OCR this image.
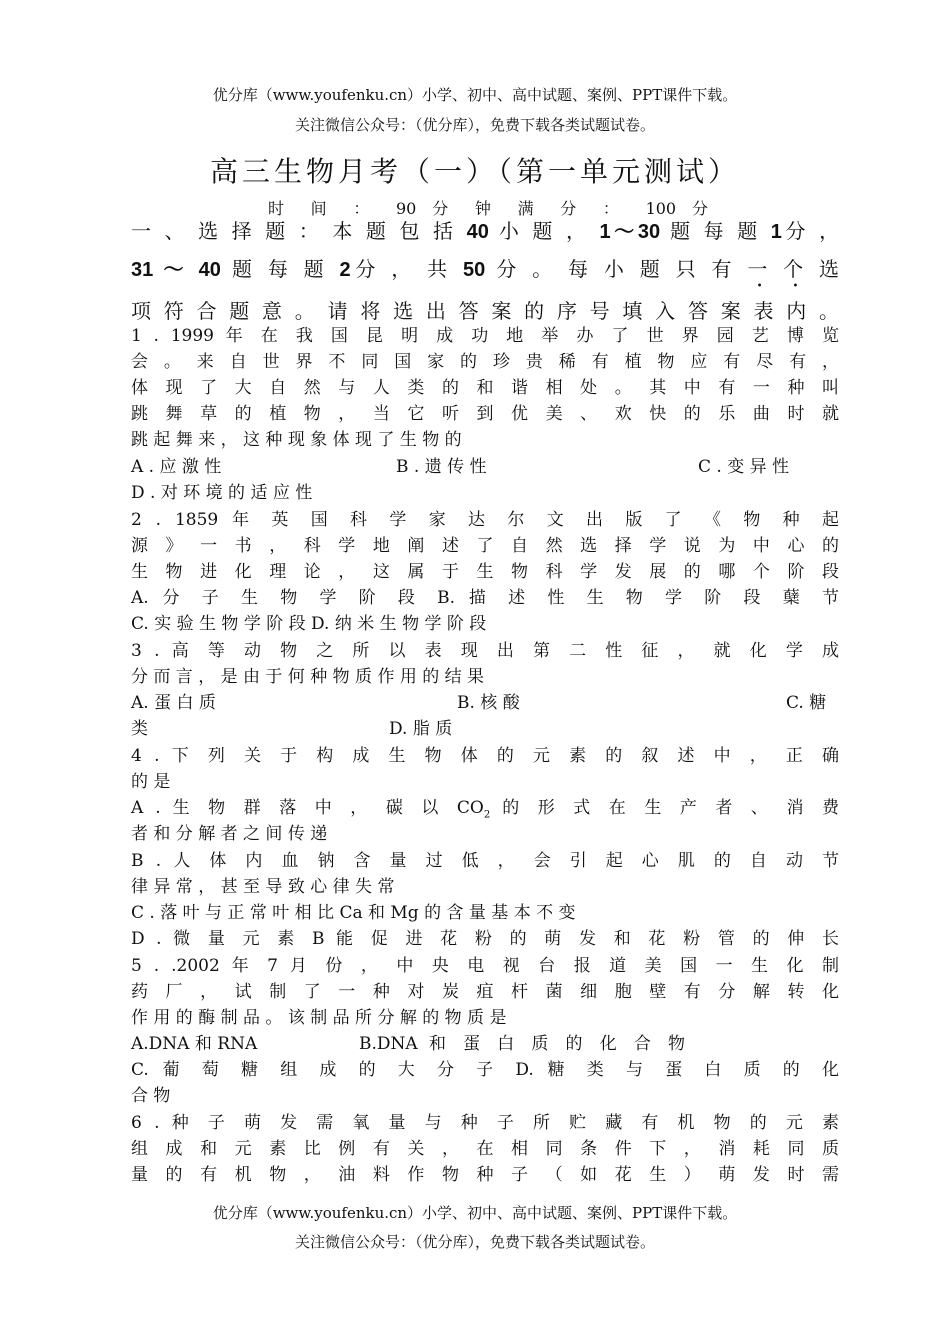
优分库（www.youfenku.cn）小学、初中、高中试题、案例、PPT课件下载。
关注微信公众号：（优分库），免费下载各类试题试卷。
高三生物月考（一）（第一单元测试）
时 间 ： 90 分 钟 满 分 ： 100 分
一 、 选 择 题 ： 本 题 包 括 40 小 题 ， 1～30 题 每 题 1分 ，
31 ～ 40 题 每 题 2分 ， 共 50 分 。 每 小 题 只 有 一 个 选
项 符 合 题 意 。 请 将 选 出 答 案 的 序 号 填 入 答 案 表 内 。
1 . 1999 年 在 我 国 昆 明 成 功 地 举 办 了 世 界 园 艺 博 览
会 。 来 自 世 界 不 同 国 家 的 珍 贵 稀 有 植 物 应 有 尽 有 ，
体 现 了 大 自 然 与 人 类 的 和 谐 相 处 。 其 中 有 一 种 叫
跳 舞 草 的 植 物 ， 当 它 听 到 优 美 、 欢 快 的 乐 曲 时 就
跳 起 舞 来 ， 这 种 现 象 体 现 了 生 物 的
A . 应 激 性	B . 遗 传 性	C . 变 异 性
D . 对 环 境 的 适 应 性
2 . 1859 年 英 国 科 学 家 达 尔 文 出 版 了 《 物 种 起
源 》 一 书 ， 科 学 地 阐 述 了 自 然 选 择 学 说 为 中 心 的
生 物 进 化 理 论 ， 这 属 于 生 物 科 学 发 展 的 哪 个 阶 段
A. 分 子 生 物 学 阶 段 B. 描 述 性 生 物 学 阶 段 蘖 节
C. 实 验 生 物 学 阶 段 D. 纳 米 生 物 学 阶 段
3 . 高 等 动 物 之 所 以 表 现 出 第 二 性 征 ， 就 化 学 成
分 而 言 ， 是 由 于 何 种 物 质 作 用 的 结 果
A. 蛋 白 质	B. 核 酸	C. 糖
类	D. 脂 质
4 . 下 列 关 于 构 成 生 物 体 的 元 素 的 叙 述 中 ， 正 确
的 是
A . 生 物 群 落 中 ， 碳 以 $CO_2$ 的 形 式 在 生 产 者 、 消 费
者 和 分 解 者 之 间 传 递
B . 人 体 内 血 钠 含 量 过 低 ， 会 引 起 心 肌 的 自 动 节
律 异 常 ， 甚 至 导 致 心 律 失 常
C . 落 叶 与 正 常 叶 相 比 Ca 和 Mg 的 含 量 基 本 不 变
D . 微 量 元 素 B 能 促 进 花 粉 的 萌 发 和 花 粉 管 的 伸 长
5 . .2002 年 7 月 份 ， 中 央 电 视 台 报 道 美 国 一 生 化 制
药 厂 ， 试 制 了 一 种 对 炭 疽 杆 菌 细 胞 壁 有 分 解 转 化
作 用 的 酶 制 品 。 该 制 品 所 分 解 的 物 质 是
A.DNA 和 RNA	B.DNA 和 蛋 白 质 的 化 合 物
C. 葡 萄 糖 组 成 的 大 分 子 D. 糖 类 与 蛋 白 质 的 化
合 物
6 . 种 子 萌 发 需 氧 量 与 种 子 所 贮 藏 有 机 物 的 元 素
组 成 和 元 素 比 例 有 关 ， 在 相 同 条 件 下 ， 消 耗 同 质
量 的 有 机 物 ， 油 料 作 物 种 子 （ 如 花 生 ） 萌 发 时 需
优分库（www.youfenku.cn）小学、初中、高中试题、案例、PPT课件下载。
关注微信公众号：（优分库），免费下载各类试题试卷。
